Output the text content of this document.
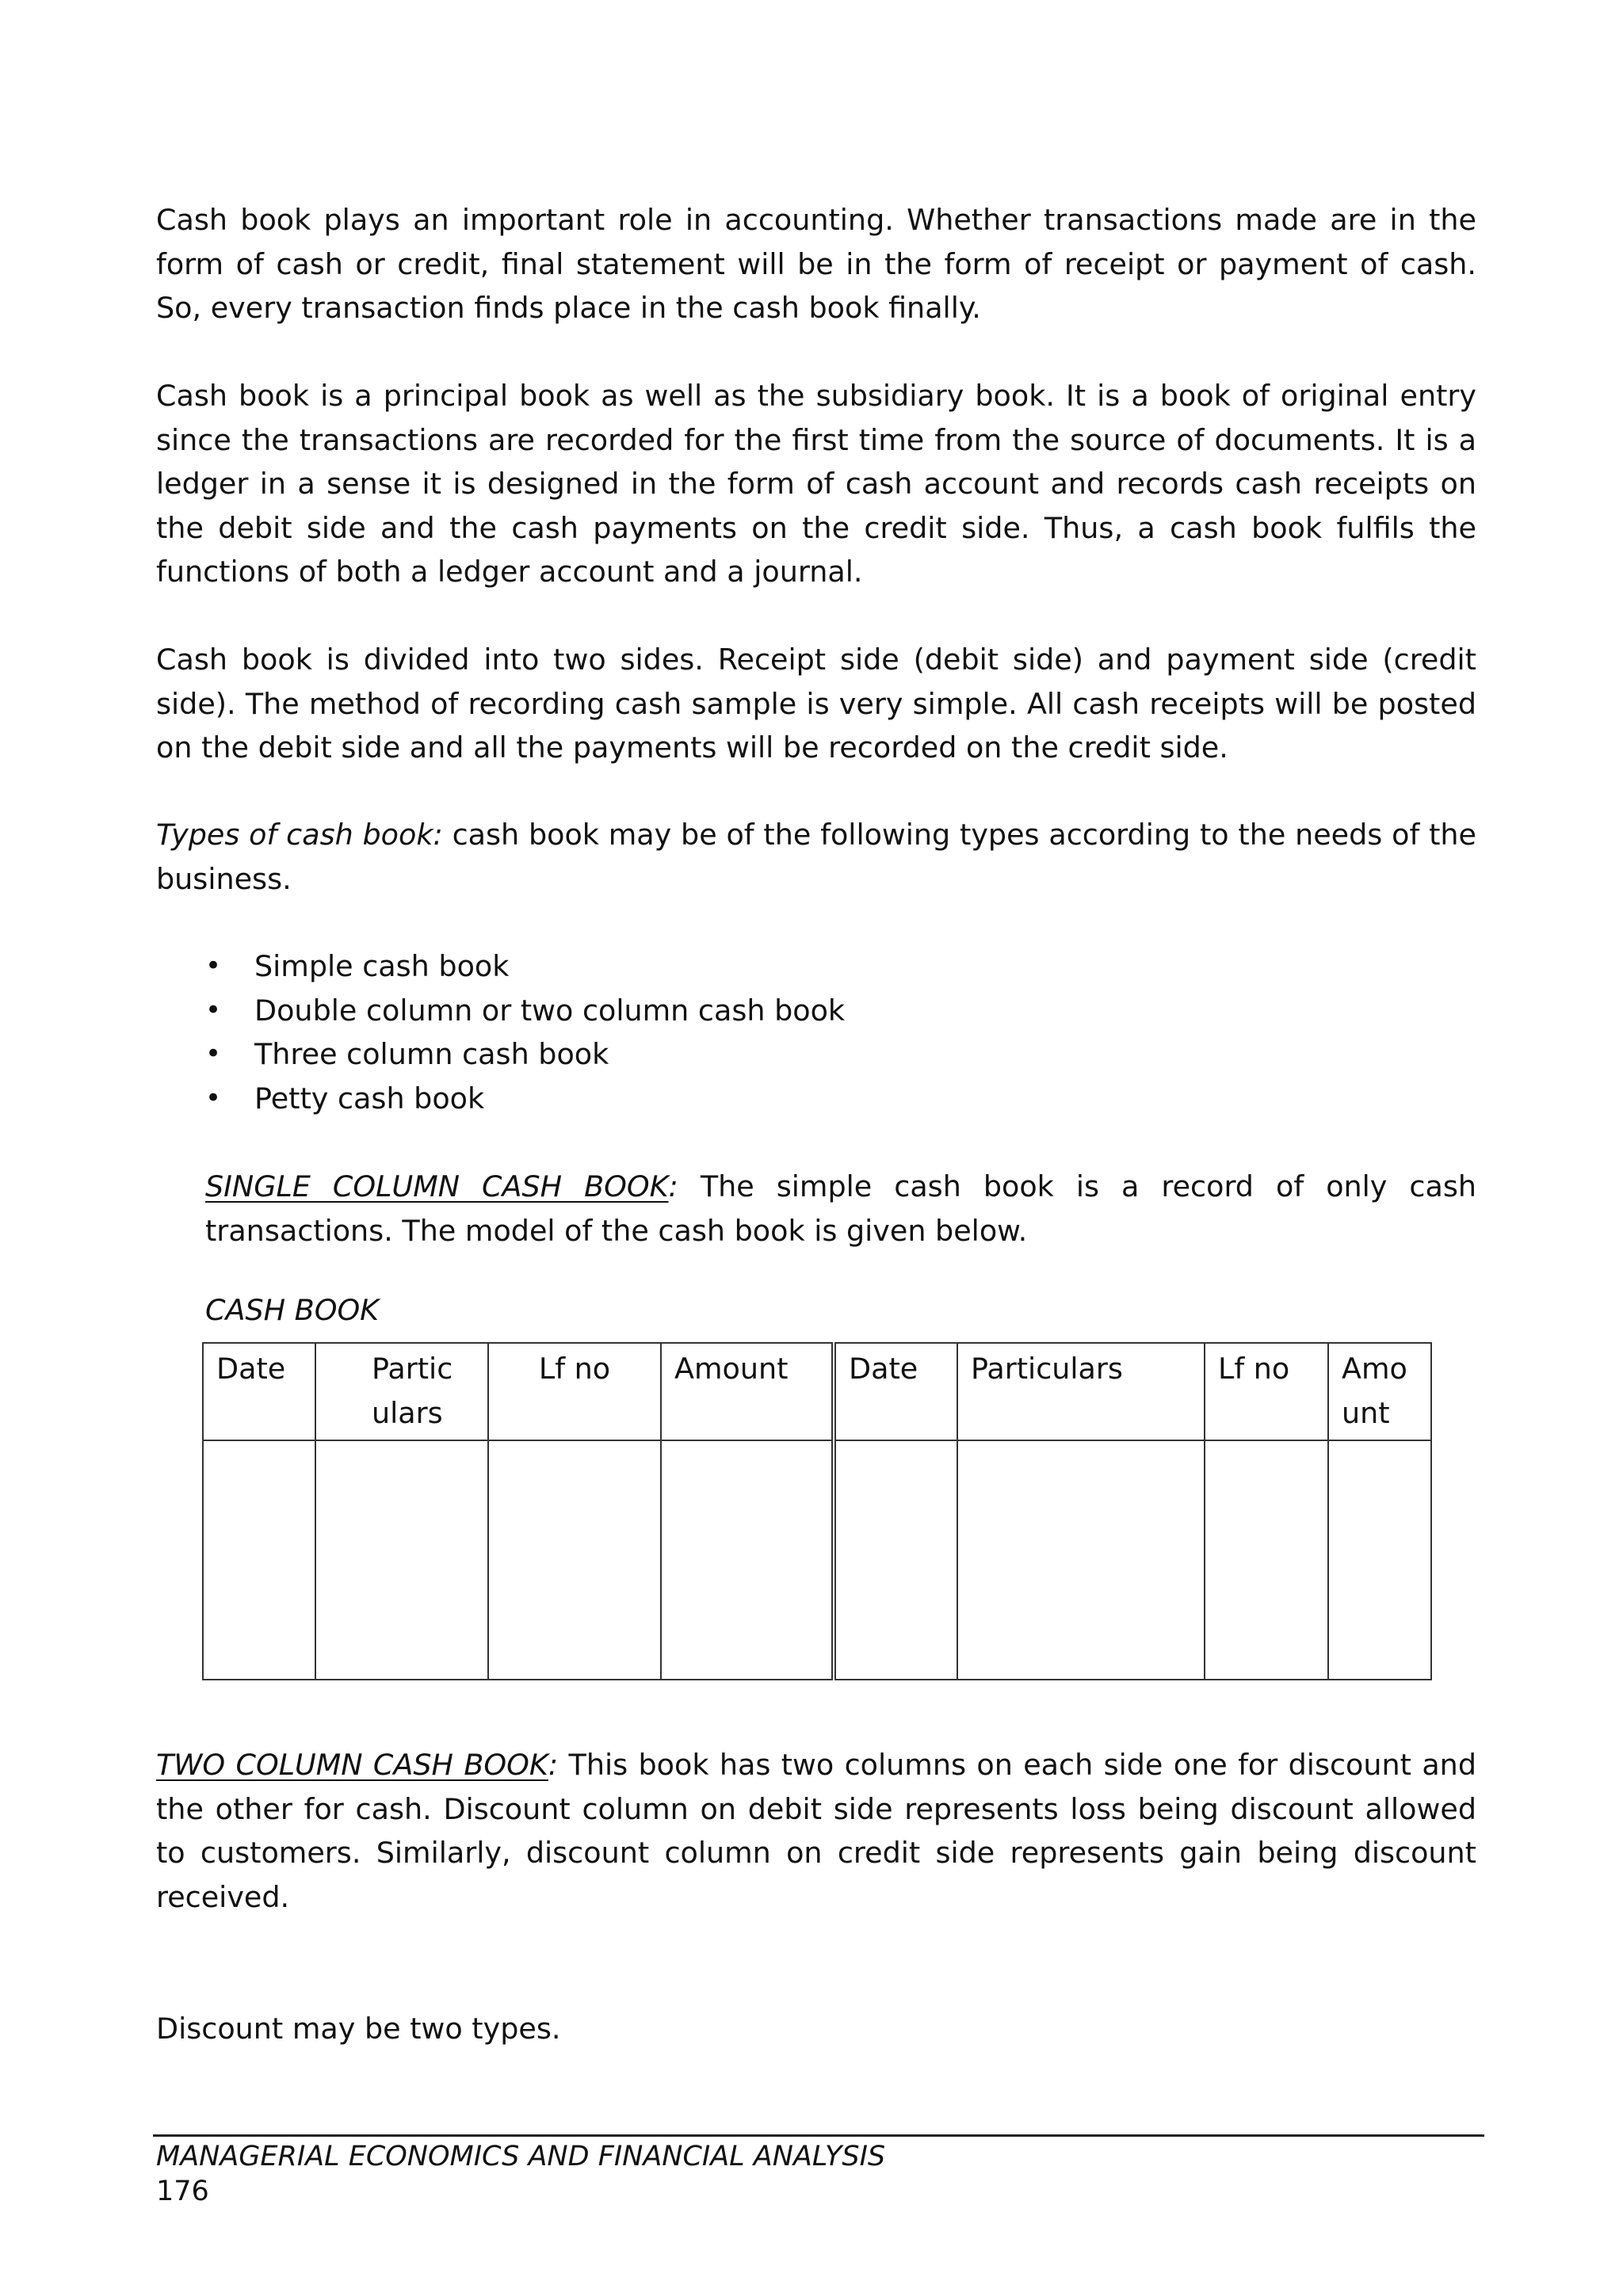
Cash book plays an important role in accounting. Whether transactions made are in the form of cash or credit, final statement will be in the form of receipt or payment of cash. So, every transaction finds place in the cash book finally.

Cash book is a principal book as well as the subsidiary book. It is a book of original entry since the transactions are recorded for the first time from the source of documents. It is a ledger in a sense it is designed in the form of cash account and records cash receipts on the debit side and the cash payments on the credit side. Thus, a cash book fulfils the functions of both a ledger account and a journal.

Cash book is divided into two sides. Receipt side (debit side) and payment side (credit side). The method of recording cash sample is very simple. All cash receipts will be posted on the debit side and all the payments will be recorded on the credit side.

Types of cash book: cash book may be of the following types according to the needs of the business.

• Simple cash book
• Double column or two column cash book
• Three column cash book
• Petty cash book

SINGLE COLUMN CASH BOOK: The simple cash book is a record of only cash transactions. The model of the cash book is given below.

CASH BOOK
Date	Partic ulars	Lf no	Amount	Date	Particulars	Lf no	Amo unt

TWO COLUMN CASH BOOK: This book has two columns on each side one for discount and the other for cash. Discount column on debit side represents loss being discount allowed to customers. Similarly, discount column on credit side represents gain being discount received.

Discount may be two types.

MANAGERIAL ECONOMICS AND FINANCIAL ANALYSIS
176
